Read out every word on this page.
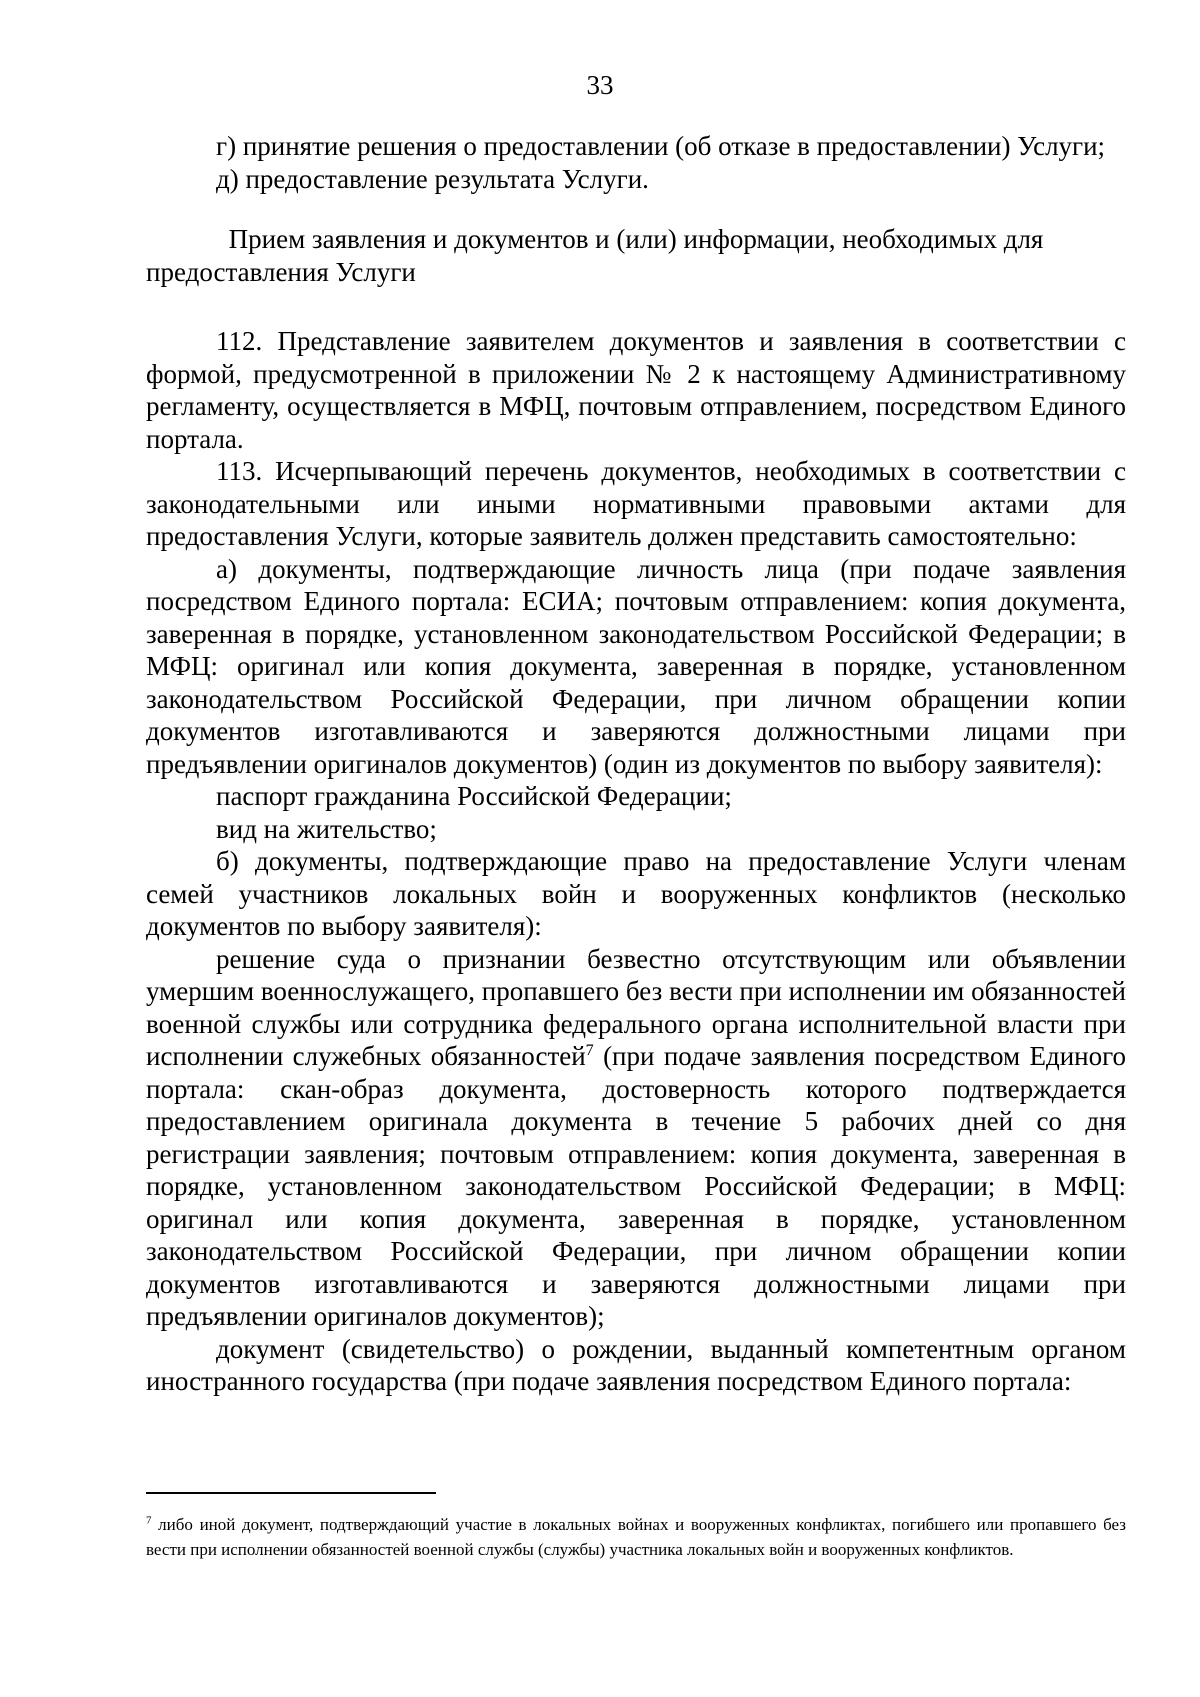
33

г) принятие решения о предоставлении (об отказе в предоставлении) Услуги;

д) предоставление результата Услуги.

Прием заявления и документов и (или) информации, необходимых для предоставления Услуги

112. Представление заявителем документов и заявления в соответствии с формой, предусмотренной в приложении № 2 к настоящему Административному регламенту, осуществляется в МФЦ, почтовым отправлением, посредством Единого портала.

113. Исчерпывающий перечень документов, необходимых в соответствии с законодательными или иными нормативными правовыми актами для предоставления Услуги, которые заявитель должен представить самостоятельно:

а) документы, подтверждающие личность лица (при подаче заявления посредством Единого портала: ЕСИА; почтовым отправлением: копия документа, заверенная в порядке, установленном законодательством Российской Федерации; в МФЦ: оригинал или копия документа, заверенная в порядке, установленном законодательством Российской Федерации, при личном обращении копии документов изготавливаются и заверяются должностными лицами при предъявлении оригиналов документов) (один из документов по выбору заявителя):

паспорт гражданина Российской Федерации;

вид на жительство;

б) документы, подтверждающие право на предоставление Услуги членам семей участников локальных войн и вооруженных конфликтов (несколько документов по выбору заявителя):

решение суда о признании безвестно отсутствующим или объявлении умершим военнослужащего, пропавшего без вести при исполнении им обязанностей военной службы или сотрудника федерального органа исполнительной власти при исполнении служебных обязанностей$^7$ (при подаче заявления посредством Единого портала: скан-образ документа, достоверность которого подтверждается предоставлением оригинала документа в течение 5 рабочих дней со дня регистрации заявления; почтовым отправлением: копия документа, заверенная в порядке, установленном законодательством Российской Федерации; в МФЦ: оригинал или копия документа, заверенная в порядке, установленном законодательством Российской Федерации, при личном обращении копии документов изготавливаются и заверяются должностными лицами при предъявлении оригиналов документов);

документ (свидетельство) о рождении, выданный компетентным органом иностранного государства (при подаче заявления посредством Единого портала:

$^7$ либо иной документ, подтверждающий участие в локальных войнах и вооруженных конфликтах, погибшего или пропавшего без вести при исполнении обязанностей военной службы (службы) участника локальных войн и вооруженных конфликтов.
